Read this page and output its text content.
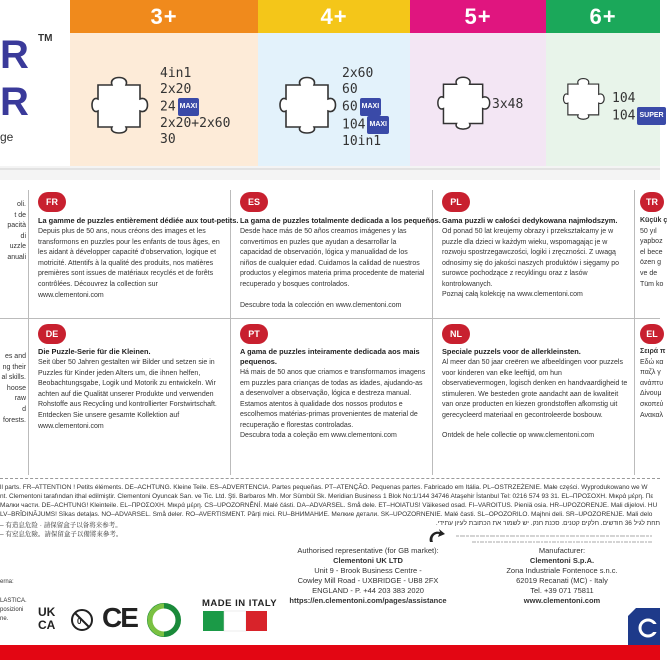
R TM
R
ge
3+
4in1
2x20
24 MAXI
2x20+2x60
30
4+
2x60
60
60 MAXI
104 MAXI
10in1
5+
3x48
6+
104
104 SUPER
oli.
t de
pacità di
uzzle
anuali
es and
ng their
al skills.
hoose raw
d forests.
FR
La gamme de puzzles entièrement dédiée aux tout-petits.
Depuis plus de 50 ans, nous créons des images et les transformons en puzzles pour les enfants de tous âges, en les aidant à développer capacité d'observation, logique et motricité. Attentifs à la qualité des produits, nos matières premières sont issues de matériaux recyclés et de forêts contrôlées. Découvrez la collection sur www.clementoni.com
ES
La gama de puzzles totalmente dedicada a los pequeños.
Desde hace más de 50 años creamos imágenes y las convertimos en puzles que ayudan a desarrollar la capacidad de observación, lógica y manualidad de los niños de cualquier edad. Cuidamos la calidad de nuestros productos y elegimos materia prima procedente de material recuperado y bosques controlados.
Descubre toda la colección en www.clementoni.com
PL
Gama puzzli w całości dedykowana najmłodszym.
Od ponad 50 lat kreujemy obrazy i przekształcamy je w puzzle dla dzieci w każdym wieku, wspomagając je w rozwoju spostrzegawczości, logiki i zręczności. Z uwagą odnosimy się do jakości naszych produktów i sięgamy po surowce pochodzące z recyklingu oraz z lasów kontrolowanych.
Poznaj całą kolekcję na www.clementoni.com
TR
Küçük ç
50 yıl
yapboz
el bece
özen g
ve de
Tüm ko
DE
Die Puzzle-Serie für die Kleinen.
Seit über 50 Jahren gestalten wir Bilder und setzen sie in Puzzles für Kinder jeden Alters um, die ihnen helfen, Beobachtungsgabe, Logik und Motorik zu entwickeln. Wir achten auf die Qualität unserer Produkte und verwenden Rohstoffe aus Recycling und kontrollierter Forstwirtschaft. Entdecken Sie unsere gesamte Kollektion auf www.clementoni.com
PT
A gama de puzzles inteiramente dedicada aos mais pequenos.
Há mais de 50 anos que criamos e transformamos imagens em puzzles para crianças de todas as idades, ajudando-as a desenvolver a observação, lógica e destreza manual. Estamos atentos à qualidade dos nossos produtos e escolhemos matérias-primas provenientes de material de recuperação e florestas controladas.
Descubra toda a coleção em www.clementoni.com
NL
Speciale puzzels voor de allerkleinsten.
Al meer dan 50 jaar creëren we afbeeldingen voor puzzels voor kinderen van elke leeftijd, om hun observatievermogen, logisch denken en handvaardigheid te stimuleren. We besteden grote aandacht aan de kwaliteit van onze producten en kiezen grondstoffen afkomstig uit gerecycleerd materiaal en gecontroleerde bosbouw.
Ontdek de hele collectie op www.clementoni.com
EL
Σειρά π
Εδώ κα
παζλ γ
ανάπτυ
Δίνουμ
σκοπεύ
Ανακαλ
ll parts. FR–ATTENTION ! Petits éléments. DE–ACHTUNG. Kleine Teile. ES–ADVERTENCIA. Partes pequeñas. PT–ATENÇÃO. Pequenas partes. Fabricado em Itália. PL–OSTRZEŻENIE. Małe części. Wyprodukowano we W
nt. Clementoni tarafından ithal edilmiştir. Clementoni Oyuncak San. ve Tic. Ltd. Şti. Barbaros Mh. Mor Sümbül Sk. Meridian Business 1 Blok No:1/144 34746 Ataşehir İstanbul Tel: 0216 574 93 31. EL–ΠΡΟΣΟΧΗ. Μικρά μέρη. Πε
Малки части. DE–ACHTUNG! Kleinteile. EL–ΠΡΟΣΟΧΗ. Μικρά μέρη. CS–UPOZORNĚNÍ. Malé části. DA–ADVARSEL. Små dele. ET–HOIATUS! Väikesed osad. FI–VAROITUS. Pieniä osia. HR–UPOZORENJE. Mali dijelovi. HU
LV–BRĪDINĀJUMS! Sīkas detaļas. NO–ADVARSEL. Små deler. RO–AVERTISMENT. Părți mici. RU–ВНИМАНИЕ. Мелкие детали. SK–UPOZORNENIE. Malé časti. SL–OPOZORILO. Majhni deli. SR–UPOZORENJE. Mali delo
– 有造息危险 · 請保留盒子以备将来参考。
– 有窒息危險。請保留盒子以備將來參考。
תחת לגיל 36 חודשים. חלקים קטנים. סכנת חנק. יש לשמור את הכתובת לעיון עתידי.
erna:
LASTICA.
posizioni
ne.	UK
CA	0 CE	MADE IN ITALY
Authorised representative (for GB market):
Clementoni UK LTD
Unit 9 - Brook Business Centre -
Cowley Mill Road - UXBRIDGE - UB8 2FX
ENGLAND - P. +44 203 383 2020
https://en.clementoni.com/pages/assistance
Manufacturer:
Clementoni S.p.A.
Zona Industriale Fontenoce s.n.c.
62019 Recanati (MC) - Italy
Tel. +39 071 75811
www.clementoni.com
